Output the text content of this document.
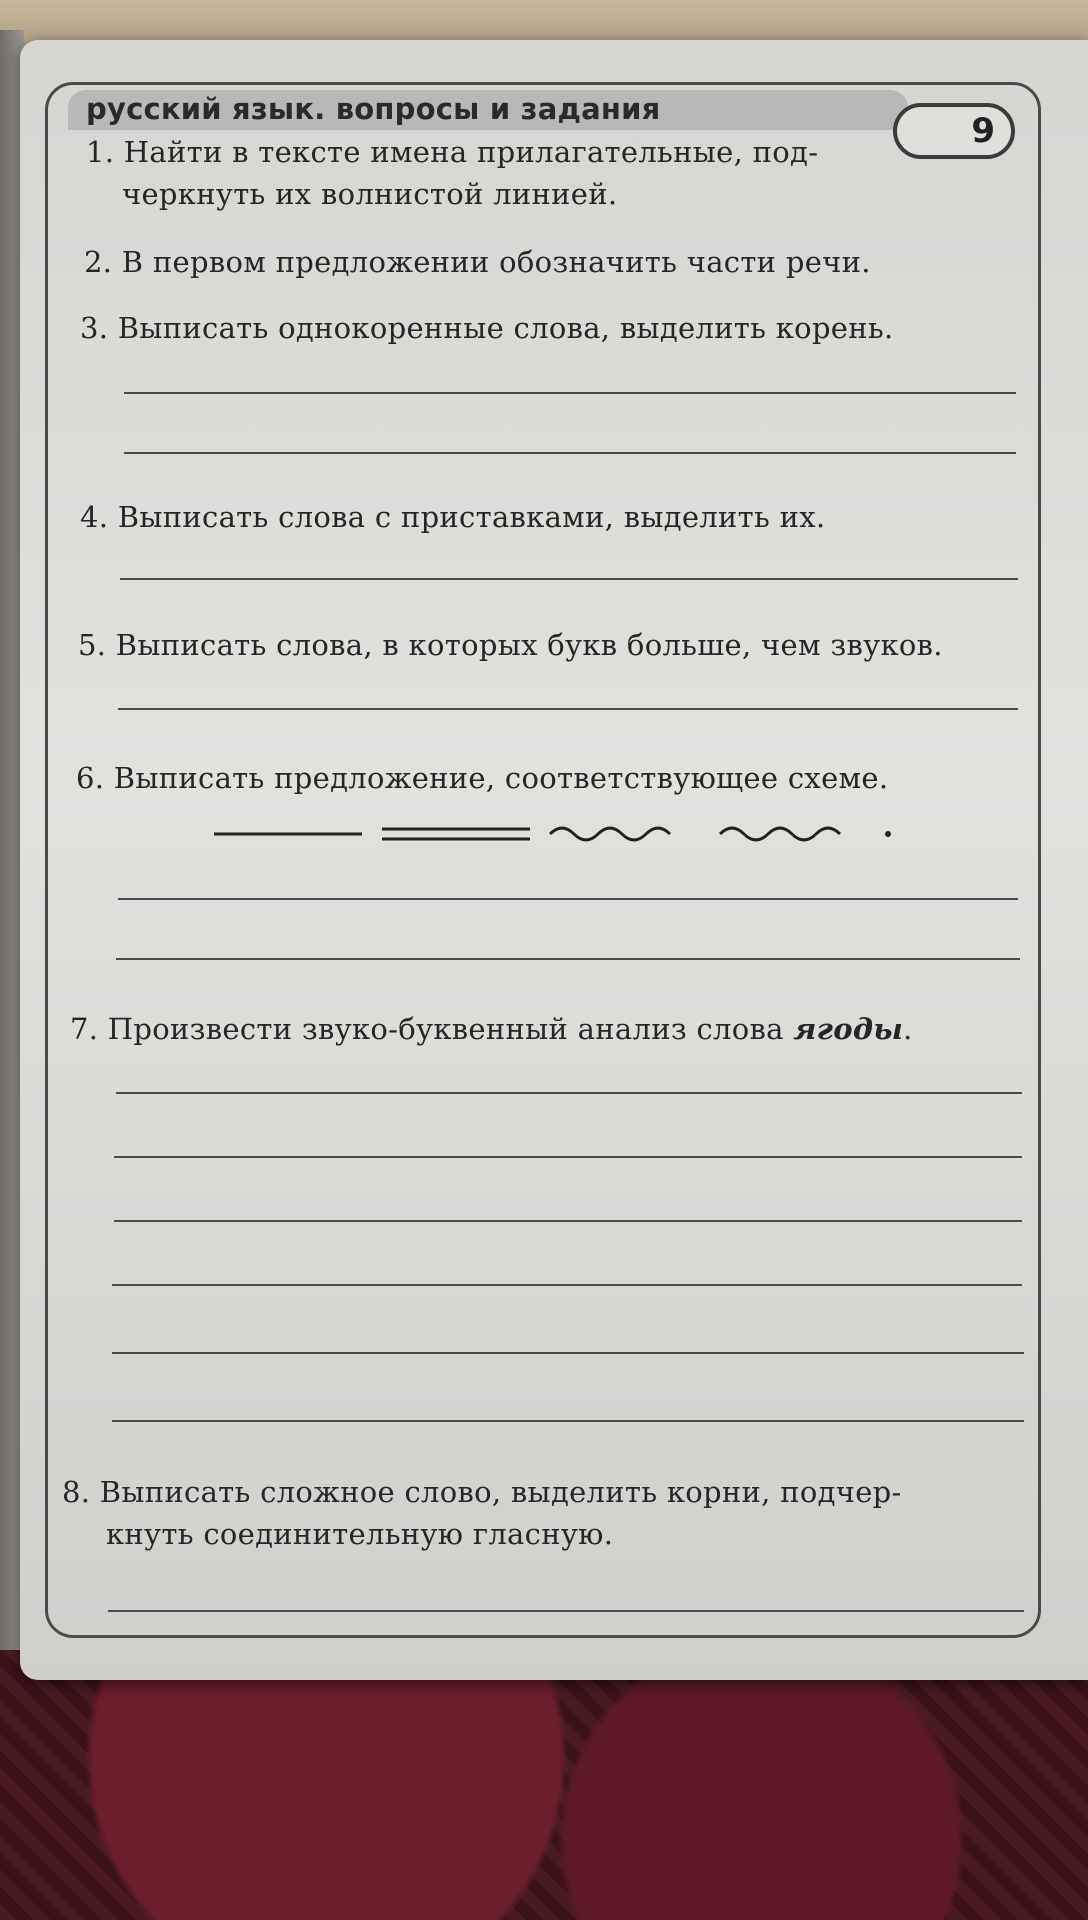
русский язык. вопросы и задания
9
1. Найти в тексте имена прилагательные, под-
черкнуть их волнистой линией.
2. В первом предложении обозначить части речи.
3. Выписать однокоренные слова, выделить корень.
4. Выписать слова с приставками, выделить их.
5. Выписать слова, в которых букв больше, чем звуков.
6. Выписать предложение, соответствующее схеме.
7. Произвести звуко-буквенный анализ слова ягоды.
8. Выписать сложное слово, выделить корни, подчер-
кнуть соединительную гласную.
